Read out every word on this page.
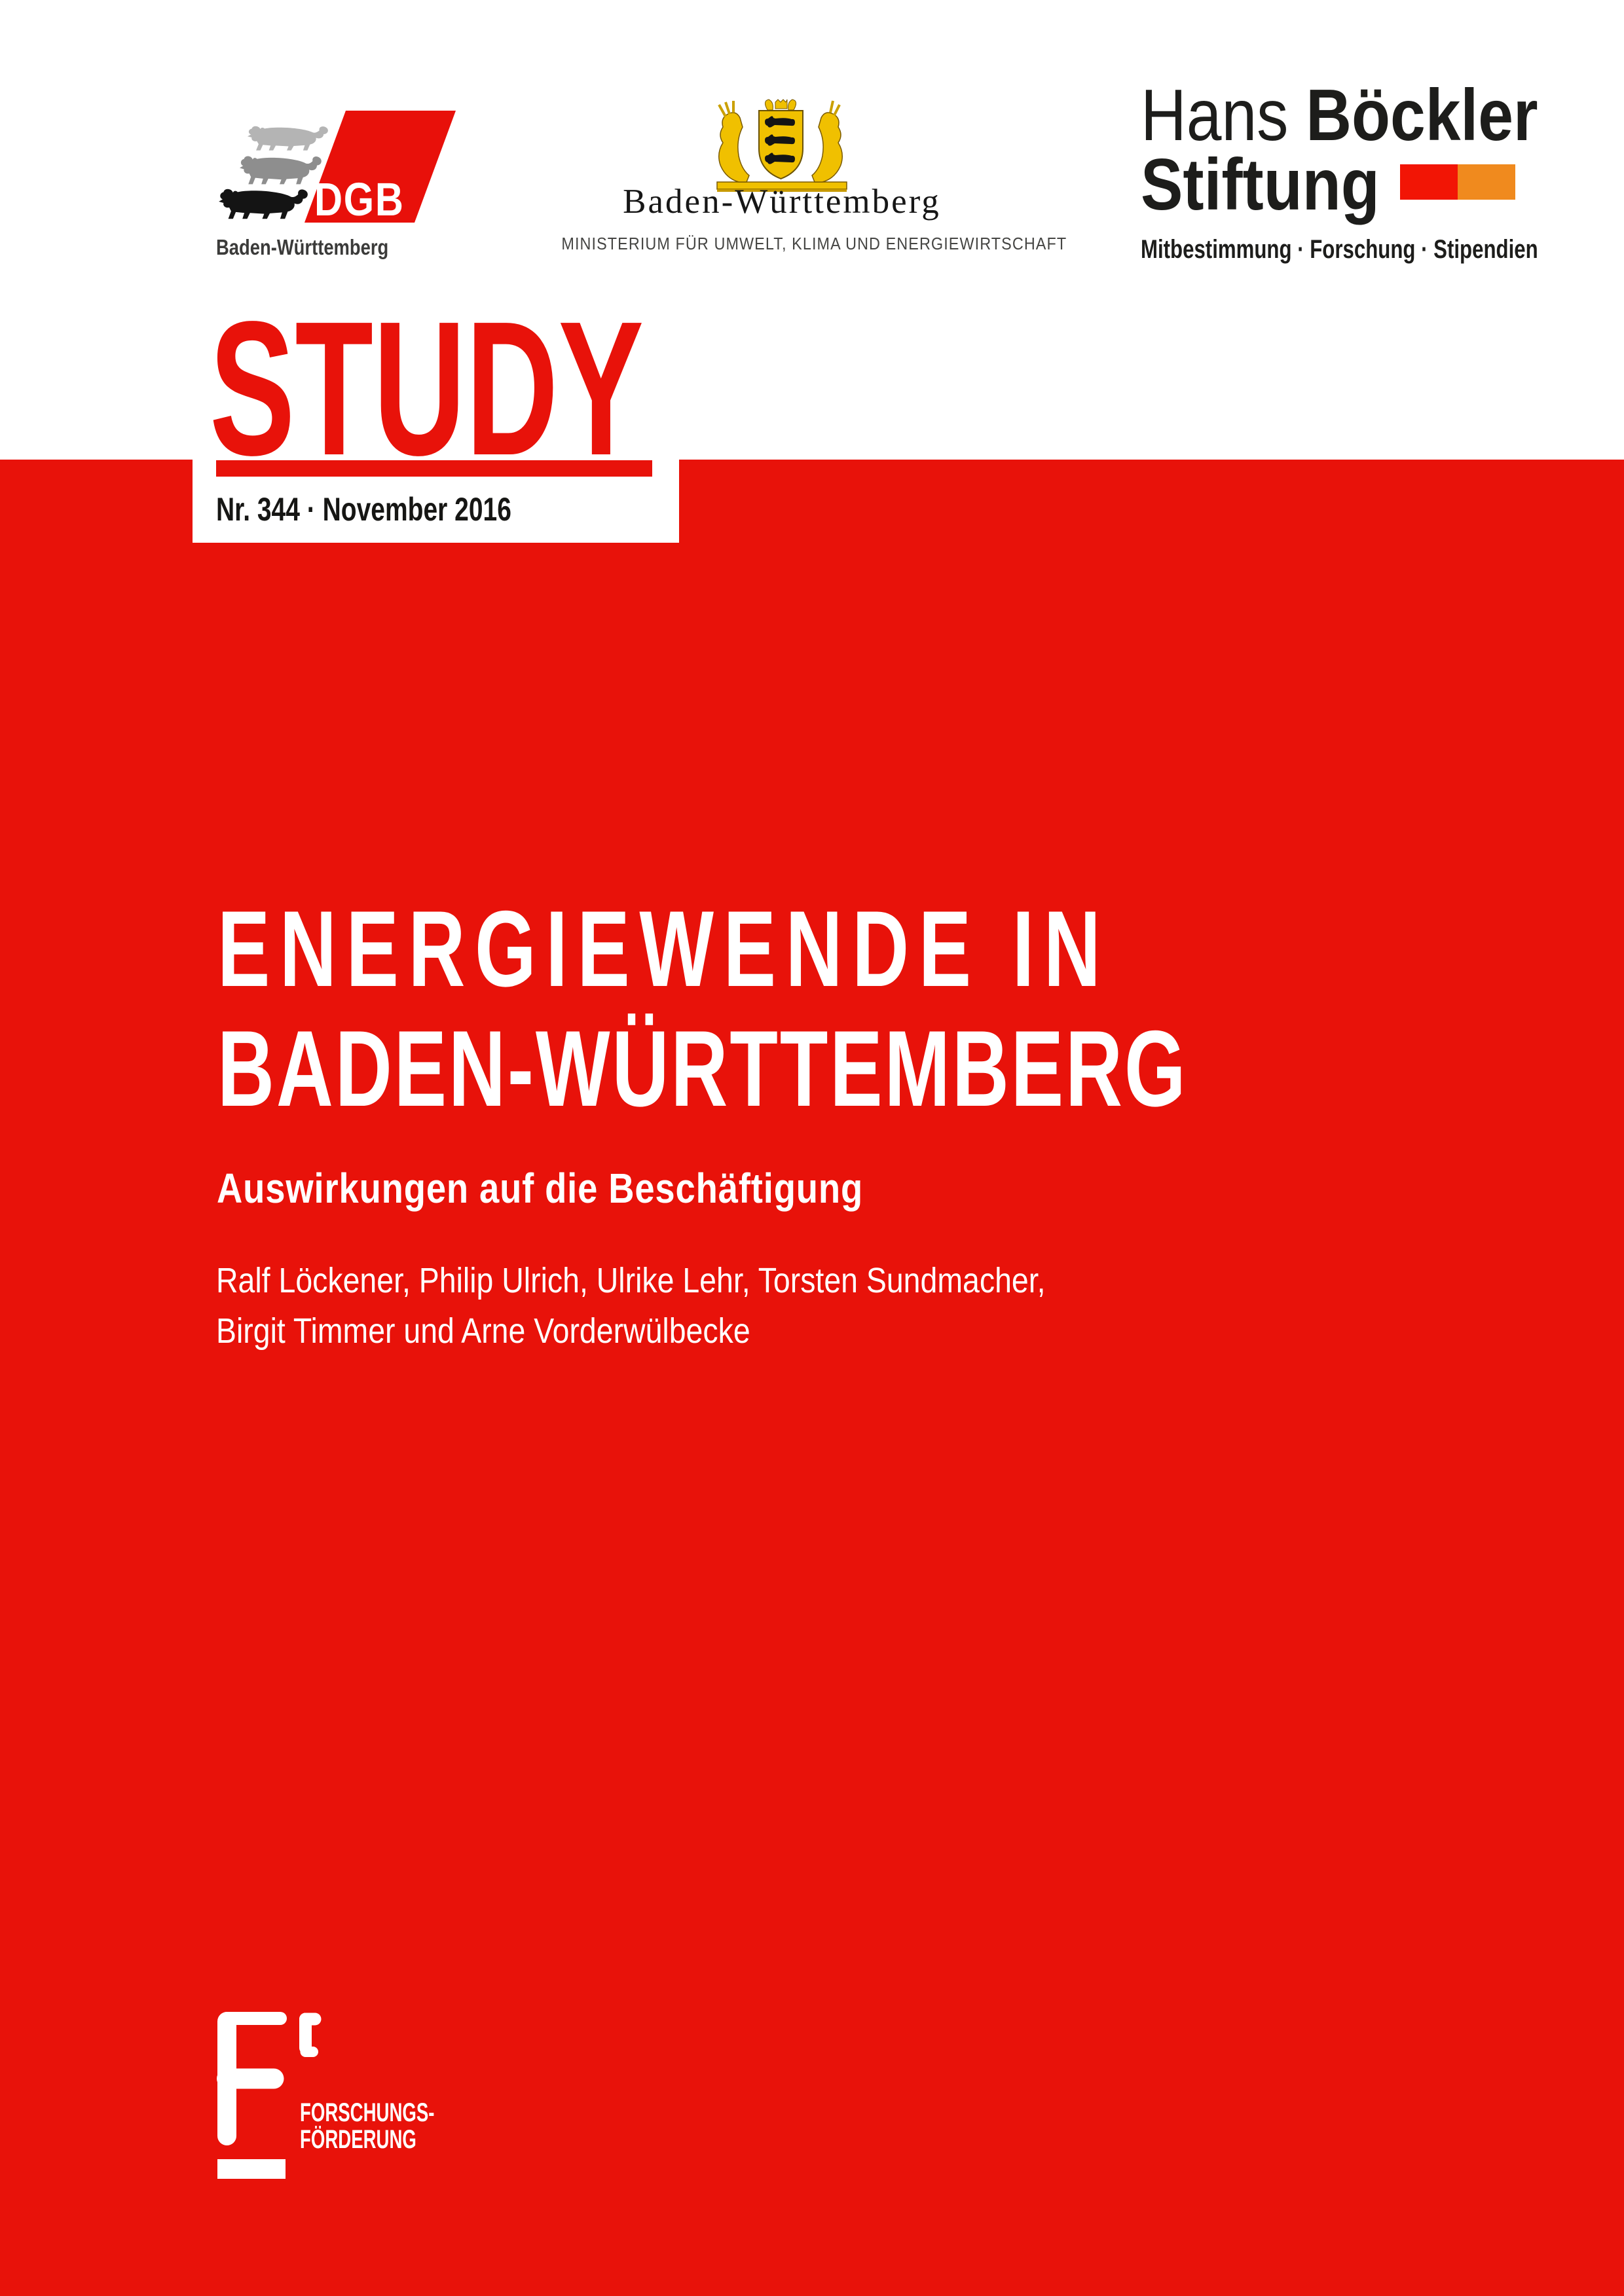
DGB
Baden-Württemberg
Baden-Württemberg
MINISTERIUM FÜR UMWELT, KLIMA UND ENERGIEWIRTSCHAFT
Hans Böckler
Stiftung
Mitbestimmung · Forschung · Stipendien
STUDY
Nr. 344 · November 2016
ENERGIEWENDE IN
BADEN-WÜRTTEMBERG
Auswirkungen auf die Beschäftigung
Ralf Löckener, Philip Ulrich, Ulrike Lehr, Torsten Sundmacher,
Birgit Timmer und Arne Vorderwülbecke
FORSCHUNGS-
FÖRDERUNG
